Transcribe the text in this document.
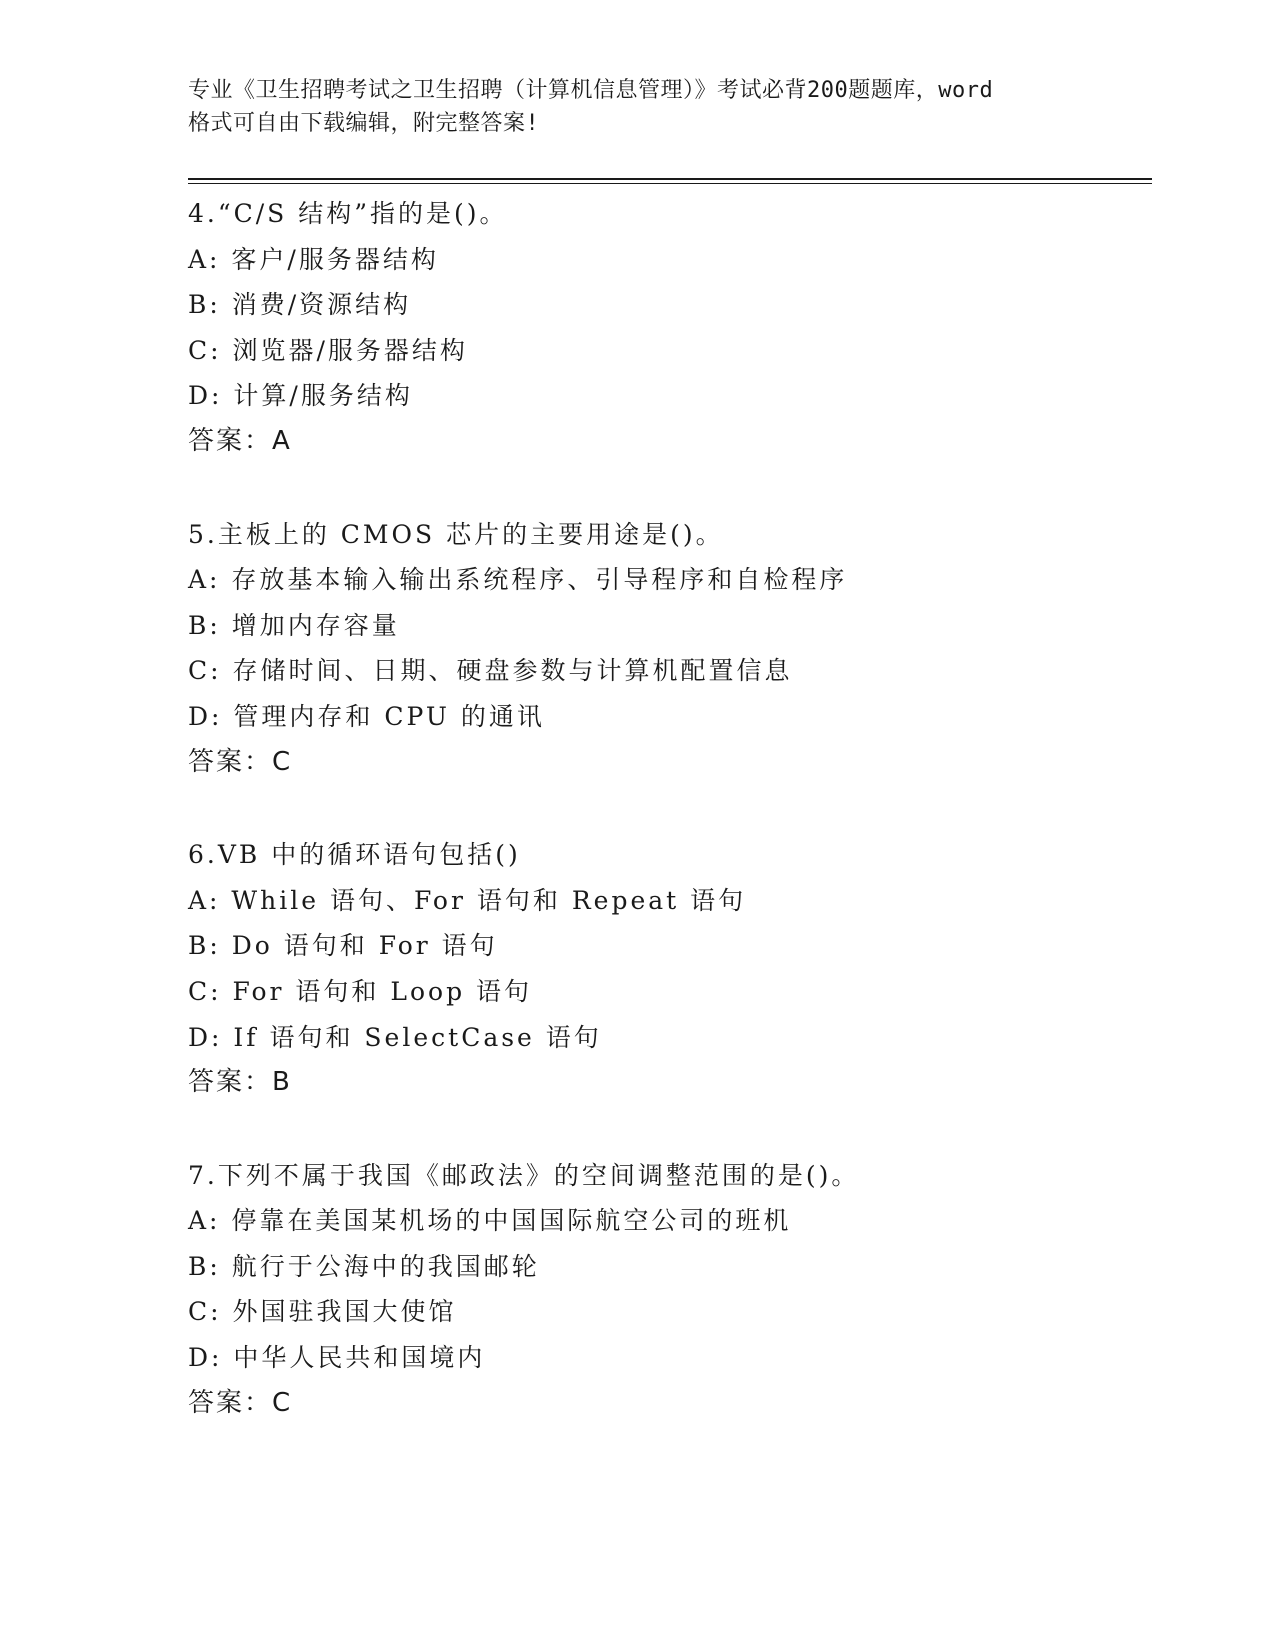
专业《卫生招聘考试之卫生招聘（计算机信息管理）》考试必背200题题库，word
格式可自由下载编辑，附完整答案!
4.“C/S 结构”指的是()。
A: 客户/服务器结构
B: 消费/资源结构
C: 浏览器/服务器结构
D: 计算/服务结构
答案：A
5.主板上的 CMOS 芯片的主要用途是()。
A: 存放基本输入输出系统程序、引导程序和自检程序
B: 增加内存容量
C: 存储时间、日期、硬盘参数与计算机配置信息
D: 管理内存和 CPU 的通讯
答案：C
6.VB 中的循环语句包括()
A: While 语句、For 语句和 Repeat 语句
B: Do 语句和 For 语句
C: For 语句和 Loop 语句
D: If 语句和 SelectCase 语句
答案：B
7.下列不属于我国《邮政法》的空间调整范围的是()。
A: 停靠在美国某机场的中国国际航空公司的班机
B: 航行于公海中的我国邮轮
C: 外国驻我国大使馆
D: 中华人民共和国境内
答案：C
